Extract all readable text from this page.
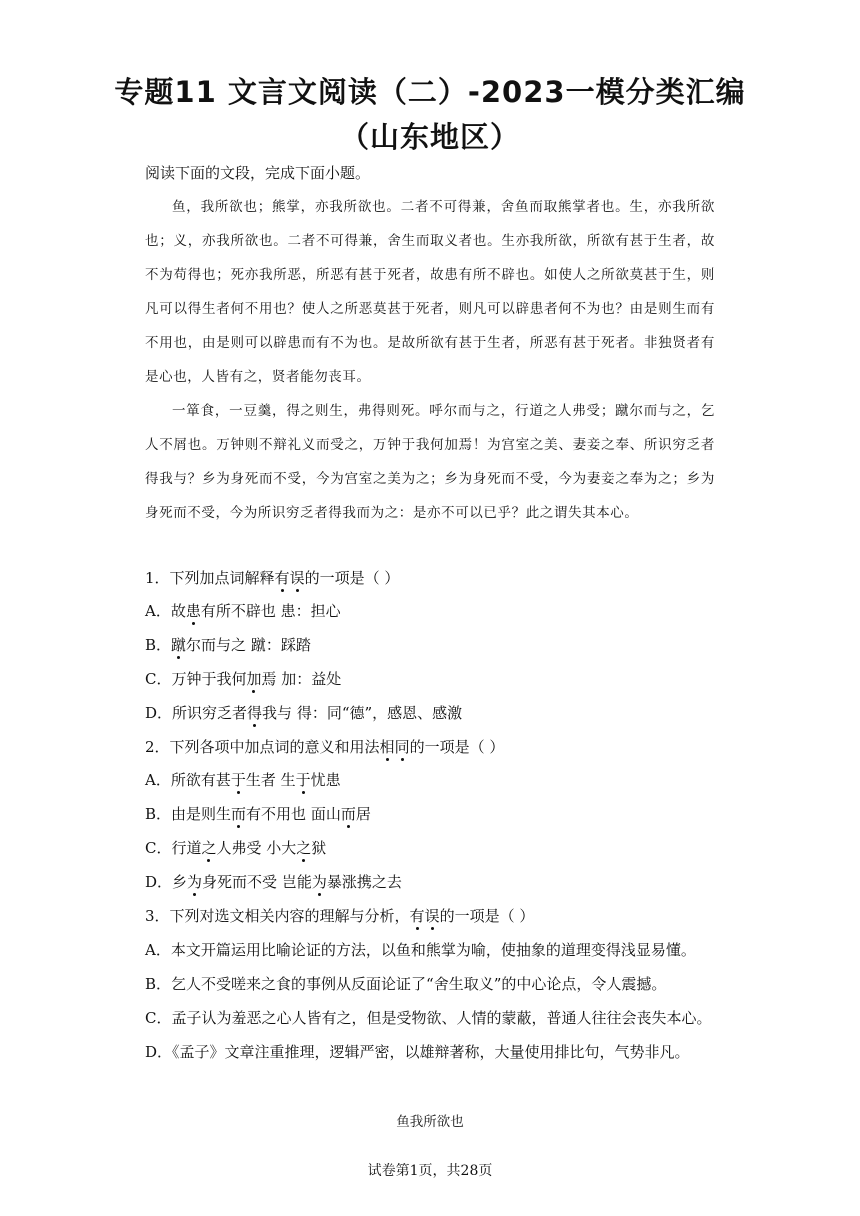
专题11 文言文阅读（二）-2023一模分类汇编（山东地区）
阅读下面的文段，完成下面小题。

鱼，我所欲也；熊掌，亦我所欲也。二者不可得兼，舍鱼而取熊掌者也。生，亦我所欲也；义，亦我所欲也。二者不可得兼，舍生而取义者也。生亦我所欲，所欲有甚于生者，故不为苟得也；死亦我所恶，所恶有甚于死者，故患有所不辟也。如使人之所欲莫甚于生，则凡可以得生者何不用也？使人之所恶莫甚于死者，则凡可以辟患者何不为也？由是则生而有不用也，由是则可以辟患而有不为也。是故所欲有甚于生者，所恶有甚于死者。非独贤者有是心也，人皆有之，贤者能勿丧耳。

一箪食，一豆羹，得之则生，弗得则死。呼尔而与之，行道之人弗受；蹴尔而与之，乞人不屑也。万钟则不辩礼义而受之，万钟于我何加焉！为宫室之美、妻妾之奉、所识穷乏者得我与？乡为身死而不受，今为宫室之美为之；乡为身死而不受，今为妻妾之奉为之；乡为身死而不受，今为所识穷乏者得我而为之：是亦不可以已乎？此之谓失其本心。

1．下列加点词解释有误的一项是（ ）
A．故患有所不辟也 患：担心
B．蹴尔而与之 蹴：踩踏
C．万钟于我何加焉 加：益处
D．所识穷乏者得我与 得：同“德”，感恩、感激
2．下列各项中加点词的意义和用法相同的一项是（ ）
A．所欲有甚于生者 生于忧患
B．由是则生而有不用也 面山而居
C．行道之人弗受 小大之狱
D．乡为身死而不受 岂能为暴涨携之去
3．下列对选文相关内容的理解与分析，有误的一项是（ ）
A．本文开篇运用比喻论证的方法，以鱼和熊掌为喻，使抽象的道理变得浅显易懂。
B．乞人不受嗟来之食的事例从反面论证了“舍生取义”的中心论点，令人震撼。
C．孟子认为羞恶之心人皆有之，但是受物欲、人情的蒙蔽，普通人往往会丧失本心。
D．《孟子》文章注重推理，逻辑严密，以雄辩著称，大量使用排比句，气势非凡。
鱼我所欲也
试卷第1页，共28页
